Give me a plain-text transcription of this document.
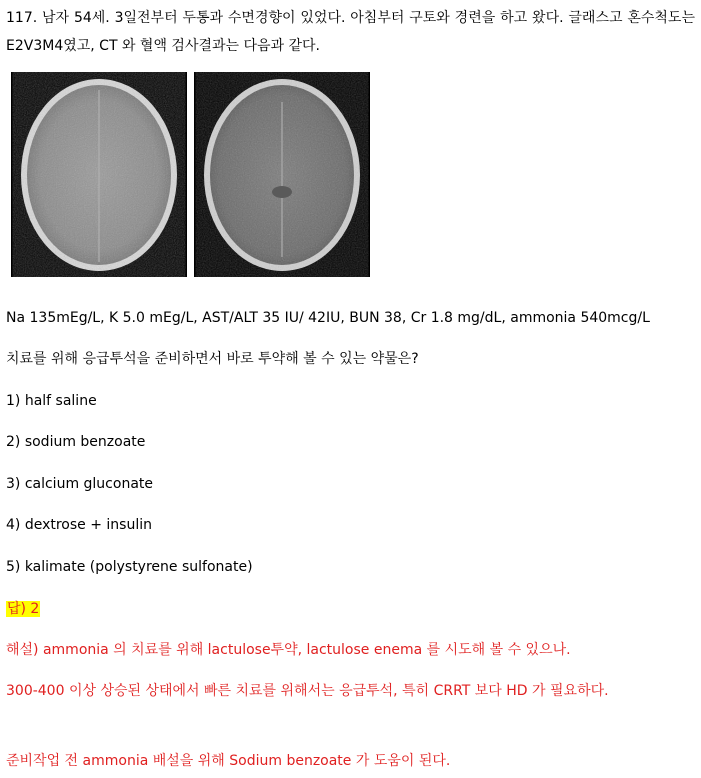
117. 남자 54세. 3일전부터 두통과 수면경향이 있었다. 아침부터 구토와 경련을 하고 왔다. 글래스고 혼수척도는 E2V3M4였고, CT 와 혈액 검사결과는 다음과 같다.
Na 135mEg/L, K 5.0 mEg/L, AST/ALT 35 IU/ 42IU, BUN 38, Cr 1.8 mg/dL, ammonia 540mcg/L
치료를 위해 응급투석을 준비하면서 바로 투약해 볼 수 있는 약물은?
1) half saline
2) sodium benzoate
3) calcium gluconate
4) dextrose + insulin
5) kalimate (polystyrene sulfonate)
답) 2
해설) ammonia 의 치료를 위해 lactulose투약, lactulose enema 를 시도해 볼 수 있으나.
300-400 이상 상승된 상태에서 빠른 치료를 위해서는 응급투석, 특히 CRRT 보다 HD 가 필요하다.
준비작업 전 ammonia 배설을 위해 Sodium benzoate 가 도움이 된다.
